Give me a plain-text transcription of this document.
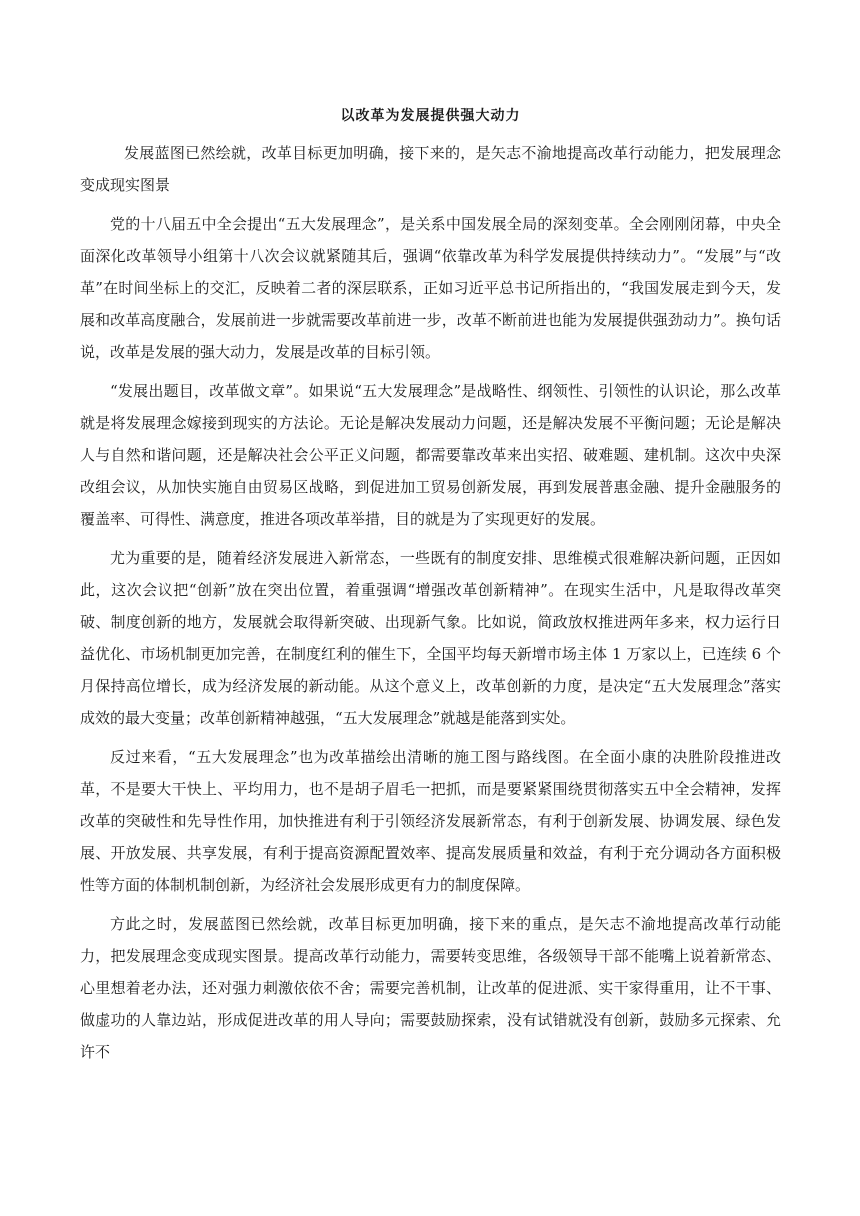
以改革为发展提供强大动力

发展蓝图已然绘就，改革目标更加明确，接下来的，是矢志不渝地提高改革行动能力，把发展理念变成现实图景

党的十八届五中全会提出“五大发展理念”，是关系中国发展全局的深刻变革。全会刚刚闭幕，中央全面深化改革领导小组第十八次会议就紧随其后，强调“依靠改革为科学发展提供持续动力”。“发展”与“改革”在时间坐标上的交汇，反映着二者的深层联系，正如习近平总书记所指出的，“我国发展走到今天，发展和改革高度融合，发展前进一步就需要改革前进一步，改革不断前进也能为发展提供强劲动力”。换句话说，改革是发展的强大动力，发展是改革的目标引领。

“发展出题目，改革做文章”。如果说“五大发展理念”是战略性、纲领性、引领性的认识论，那么改革就是将发展理念嫁接到现实的方法论。无论是解决发展动力问题，还是解决发展不平衡问题；无论是解决人与自然和谐问题，还是解决社会公平正义问题，都需要靠改革来出实招、破难题、建机制。这次中央深改组会议，从加快实施自由贸易区战略，到促进加工贸易创新发展，再到发展普惠金融、提升金融服务的覆盖率、可得性、满意度，推进各项改革举措，目的就是为了实现更好的发展。

尤为重要的是，随着经济发展进入新常态，一些既有的制度安排、思维模式很难解决新问题，正因如此，这次会议把“创新”放在突出位置，着重强调“增强改革创新精神”。在现实生活中，凡是取得改革突破、制度创新的地方，发展就会取得新突破、出现新气象。比如说，简政放权推进两年多来，权力运行日益优化、市场机制更加完善，在制度红利的催生下，全国平均每天新增市场主体 1 万家以上，已连续 6 个月保持高位增长，成为经济发展的新动能。从这个意义上，改革创新的力度，是决定“五大发展理念”落实成效的最大变量；改革创新精神越强，“五大发展理念”就越是能落到实处。

反过来看，“五大发展理念”也为改革描绘出清晰的施工图与路线图。在全面小康的决胜阶段推进改革，不是要大干快上、平均用力，也不是胡子眉毛一把抓，而是要紧紧围绕贯彻落实五中全会精神，发挥改革的突破性和先导性作用，加快推进有利于引领经济发展新常态，有利于创新发展、协调发展、绿色发展、开放发展、共享发展，有利于提高资源配置效率、提高发展质量和效益，有利于充分调动各方面积极性等方面的体制机制创新，为经济社会发展形成更有力的制度保障。

方此之时，发展蓝图已然绘就，改革目标更加明确，接下来的重点，是矢志不渝地提高改革行动能力，把发展理念变成现实图景。提高改革行动能力，需要转变思维，各级领导干部不能嘴上说着新常态、心里想着老办法，还对强力刺激依依不舍；需要完善机制，让改革的促进派、实干家得重用，让不干事、做虚功的人靠边站，形成促进改革的用人导向；需要鼓励探索，没有试错就没有创新，鼓励多元探索、允许不
